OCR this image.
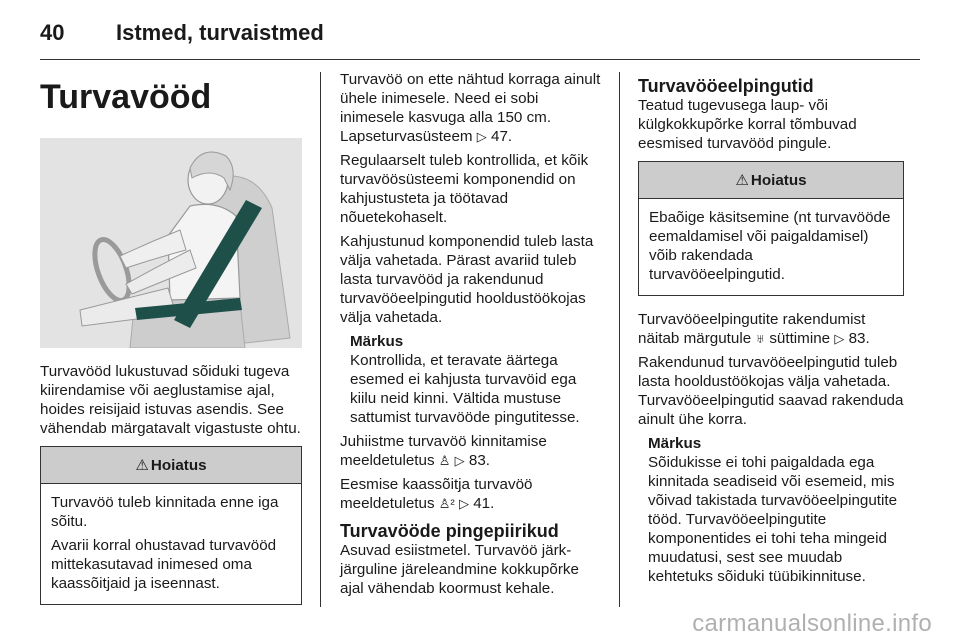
40 Istmed, turvaistmed
Turvavööd

Turvavööd lukustuvad sõiduki tugeva kiirendamise või aeglustamise ajal, hoides reisijaid istuvas asendis. See vähendab märgatavalt vigastuste ohtu.

⚠ Hoiatus

Turvavöö tuleb kinnitada enne iga sõitu.

Avarii korral ohustavad turvavööd mittekasutavad inimesed oma kaassõitjaid ja iseennast.

Turvavöö on ette nähtud korraga ainult ühele inimesele. Need ei sobi inimesele kasvuga alla 150 cm. Lapseturvasüsteem ▷ 47.

Regulaarselt tuleb kontrollida, et kõik turvavöösüsteemi komponendid on kahjustusteta ja töötavad nõuetekohaselt.

Kahjustunud komponendid tuleb lasta välja vahetada. Pärast avariid tuleb lasta turvavööd ja rakendunud turvavööeelpingutid hooldustöökojas välja vahetada.

Märkus
Kontrollida, et teravate äärtega esemed ei kahjusta turvavöid ega kiilu neid kinni. Vältida mustuse sattumist turvavööde pingutitesse.

Juhiistme turvavöö kinnitamise meeldetuletus ♙ ▷ 83.

Eesmise kaassõitja turvavöö meeldetuletus ♙² ▷ 41.

Turvavööde pingepiirikud

Asuvad esiistmetel. Turvavöö järk-järguline järeleandmine kokkupõrke ajal vähendab koormust kehale.

Turvavööeelpingutid

Teatud tugevusega laup- või külgkokkupõrke korral tõmbuvad eesmised turvavööd pingule.

⚠ Hoiatus

Ebaõige käsitsemine (nt turvavööde eemaldamisel või paigaldamisel) võib rakendada turvavööeelpingutid.

Turvavööeelpingutite rakendumist näitab märgutule ♅ süttimine ▷ 83.

Rakendunud turvavööeelpingutid tuleb lasta hooldustöökojas välja vahetada. Turvavööeelpingutid saavad rakenduda ainult ühe korra.

Märkus
Sõidukisse ei tohi paigaldada ega kinnitada seadiseid või esemeid, mis võivad takistada turvavööeelpingutite tööd. Turvavööeelpingutite komponentides ei tohi teha mingeid muudatusi, sest see muudab kehtetuks sõiduki tüübikinnituse.
carmanualsonline.info
